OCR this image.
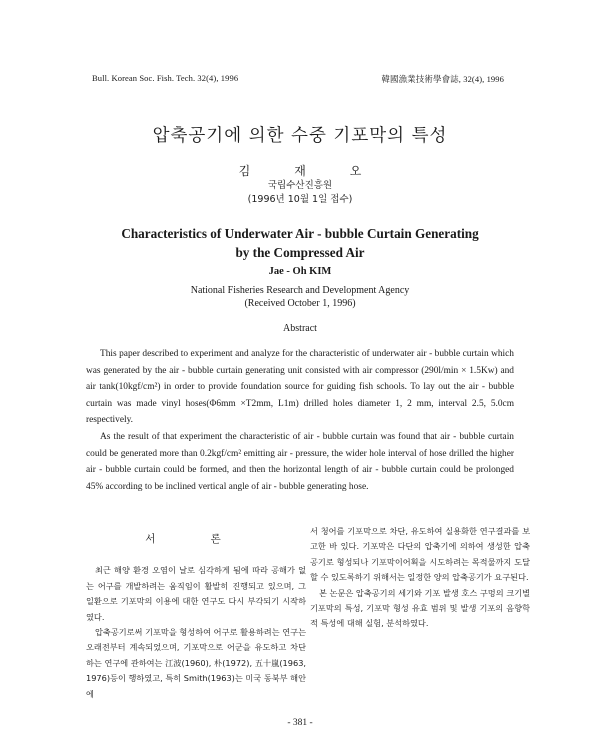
Bull. Korean Soc. Fish. Tech. 32(4), 1996	韓國漁業技術學會誌, 32(4), 1996
압축공기에 의한 수중 기포막의 특성
김	재	오
국립수산진흥원
(1996년 10월 1일 접수)
Characteristics of Underwater Air - bubble Curtain Generating
by the Compressed Air
Jae - Oh KIM
National Fisheries Research and Development Agency
(Received October 1, 1996)
Abstract

This paper described to experiment and analyze for the characteristic of underwater air - bubble curtain which was generated by the air - bubble curtain generating unit consisted with air compressor (290l/min × 1.5Kw) and air tank(10kgf/cm²) in order to provide foundation source for guiding fish schools. To lay out the air - bubble curtain was made vinyl hoses(Φ6mm ×T2mm, L1m) drilled holes diameter 1, 2 mm, interval 2.5, 5.0cm respectively.

As the result of that experiment the characteristic of air - bubble curtain was found that air - bubble curtain could be generated more than 0.2kgf/cm² emitting air - pressure, the wider hole interval of hose drilled the higher air - bubble curtain could be formed, and then the horizontal length of air - bubble curtain could be prolonged 45% according to be inclined vertical angle of air - bubble generating hose.

서 론

최근 해양 환경 오염이 날로 심각하게 됨에 따라 공해가 없는 어구를 개발하려는 움직임이 활발히 진행되고 있으며, 그 일환으로 기포막의 이용에 대한 연구도 다시 부각되기 시작하였다.

압축공기로써 기포막을 형성하여 어구로 활용하려는 연구는 오래전부터 계속되었으며, 기포막으로 어군을 유도하고 차단하는 연구에 관하여는 江波(1960), 朴(1972), 五十嵐(1963, 1976)등이 행하였고, 특히 Smith(1963)는 미국 동북부 해안에

서 청어를 기포막으로 차단, 유도하여 실용화한 연구결과를 보고한 바 있다. 기포막은 다단의 압축기에 의하여 생성한 압축공기로 형성되나 기포막이어획을 시도하려는 목적물까지 도달할 수 있도록하기 위해서는 일정한 양의 압축공기가 요구된다.

본 논문은 압축공기의 세기와 기포 발생 호스 구멍의 크기별 기포막의 특성, 기포막 형성 유효 범위 및 발생 기포의 음향학적 특성에 대해 실험, 분석하였다.

- 381 -
